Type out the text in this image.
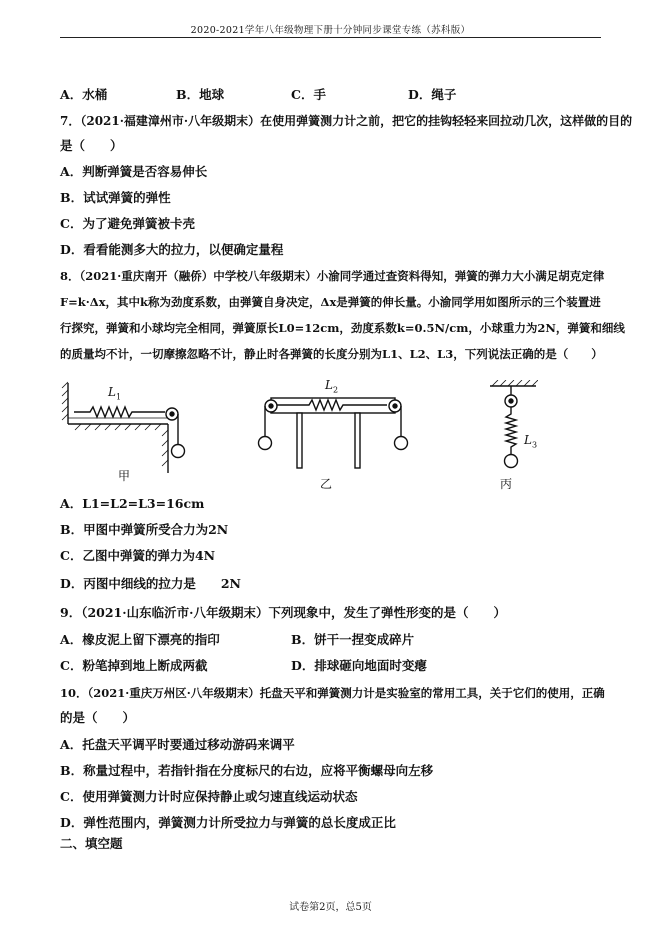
2020-2021学年八年级物理下册十分钟同步课堂专练（苏科版）
A．水桶	B．地球	C．手	D．绳子
7．（2021·福建漳州市·八年级期末）在使用弹簧测力计之前，把它的挂钩轻轻来回拉动几次，这样做的目的
是（　　）
A．判断弹簧是否容易伸长
B．试试弹簧的弹性
C．为了避免弹簧被卡壳
D．看看能测多大的拉力，以便确定量程
8．（2021·重庆南开（融侨）中学校八年级期末）小渝同学通过查资料得知，弹簧的弹力大小满足胡克定律
F=k·Δx，其中k称为劲度系数，由弹簧自身决定，Δx是弹簧的伸长量。小渝同学用如图所示的三个装置进
行探究，弹簧和小球均完全相同，弹簧原长L0=12cm，劲度系数k=0.5N/cm，小球重力为2N，弹簧和细线
的质量均不计，一切摩擦忽略不计，静止时各弹簧的长度分别为L1、L2、L3，下列说法正确的是（　　）
$L_1$
甲
$L_2$
乙
$L_3$
丙
A．L1=L2=L3=16cm
B．甲图中弹簧所受合力为2N
C．乙图中弹簧的弹力为4N
D．丙图中细线的拉力是　　2N
9．（2021·山东临沂市·八年级期末）下列现象中，发生了弹性形变的是（　　）
A．橡皮泥上留下漂亮的指印	B．饼干一捏变成碎片
C．粉笔掉到地上断成两截	D．排球砸向地面时变瘪
10．（2021·重庆万州区·八年级期末）托盘天平和弹簧测力计是实验室的常用工具，关于它们的使用，正确
的是（　　）
A．托盘天平调平时要通过移动游码来调平
B．称量过程中，若指针指在分度标尺的右边，应将平衡螺母向左移
C．使用弹簧测力计时应保持静止或匀速直线运动状态
D．弹性范围内，弹簧测力计所受拉力与弹簧的总长度成正比
二、填空题
试卷第2页，总5页
